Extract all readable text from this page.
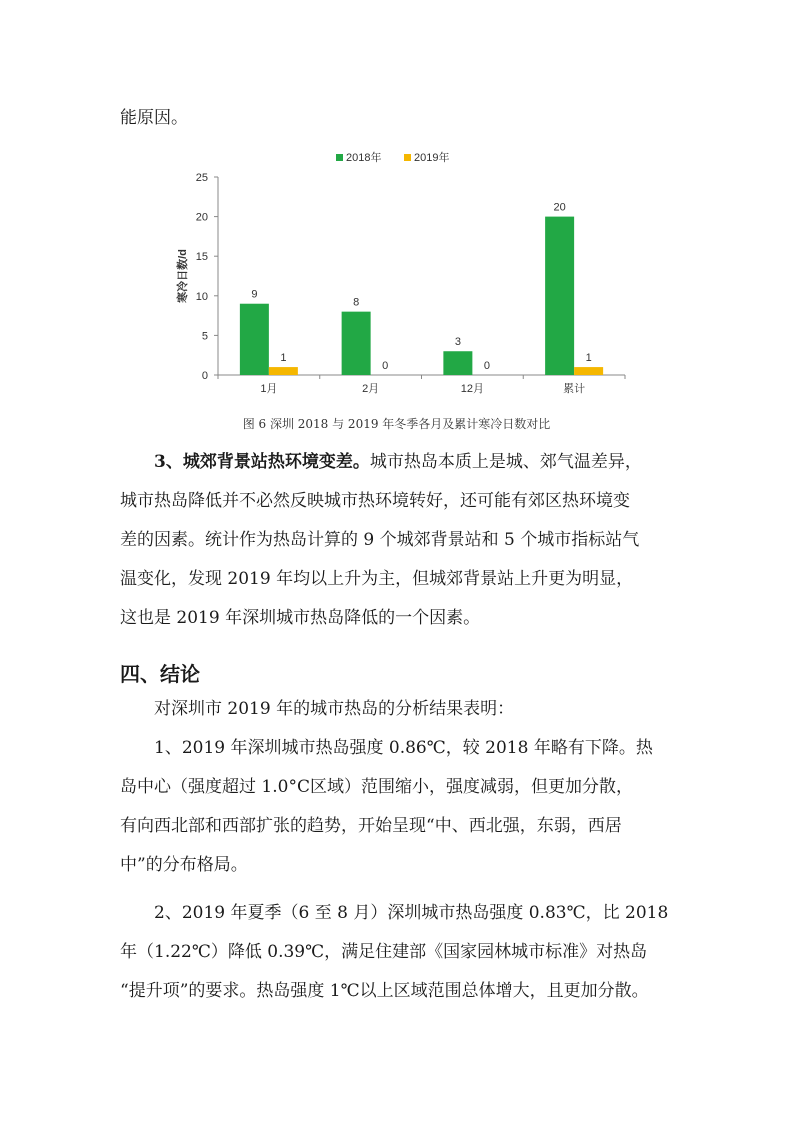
能原因。

2018年	2019年
0
5
10
15
20
25
寒冷日数/d
1月
9
1
2月
8
0
12月
3
0
累计
20
1
图 6 深圳 2018 与 2019 年冬季各月及累计寒冷日数对比

3、城郊背景站热环境变差。城市热岛本质上是城、郊气温差异，

城市热岛降低并不必然反映城市热环境转好，还可能有郊区热环境变

差的因素。统计作为热岛计算的 9 个城郊背景站和 5 个城市指标站气

温变化，发现 2019 年均以上升为主，但城郊背景站上升更为明显，

这也是 2019 年深圳城市热岛降低的一个因素。

四、结论

对深圳市 2019 年的城市热岛的分析结果表明：

1、2019 年深圳城市热岛强度 0.86℃，较 2018 年略有下降。热

岛中心（强度超过 1.0°C区域）范围缩小，强度减弱，但更加分散，

有向西北部和西部扩张的趋势，开始呈现“中、西北强，东弱，西居

中”的分布格局。

2、2019 年夏季（6 至 8 月）深圳城市热岛强度 0.83℃，比 2018

年（1.22℃）降低 0.39℃，满足住建部《国家园林城市标准》对热岛

“提升项”的要求。热岛强度 1℃以上区域范围总体增大，且更加分散。
